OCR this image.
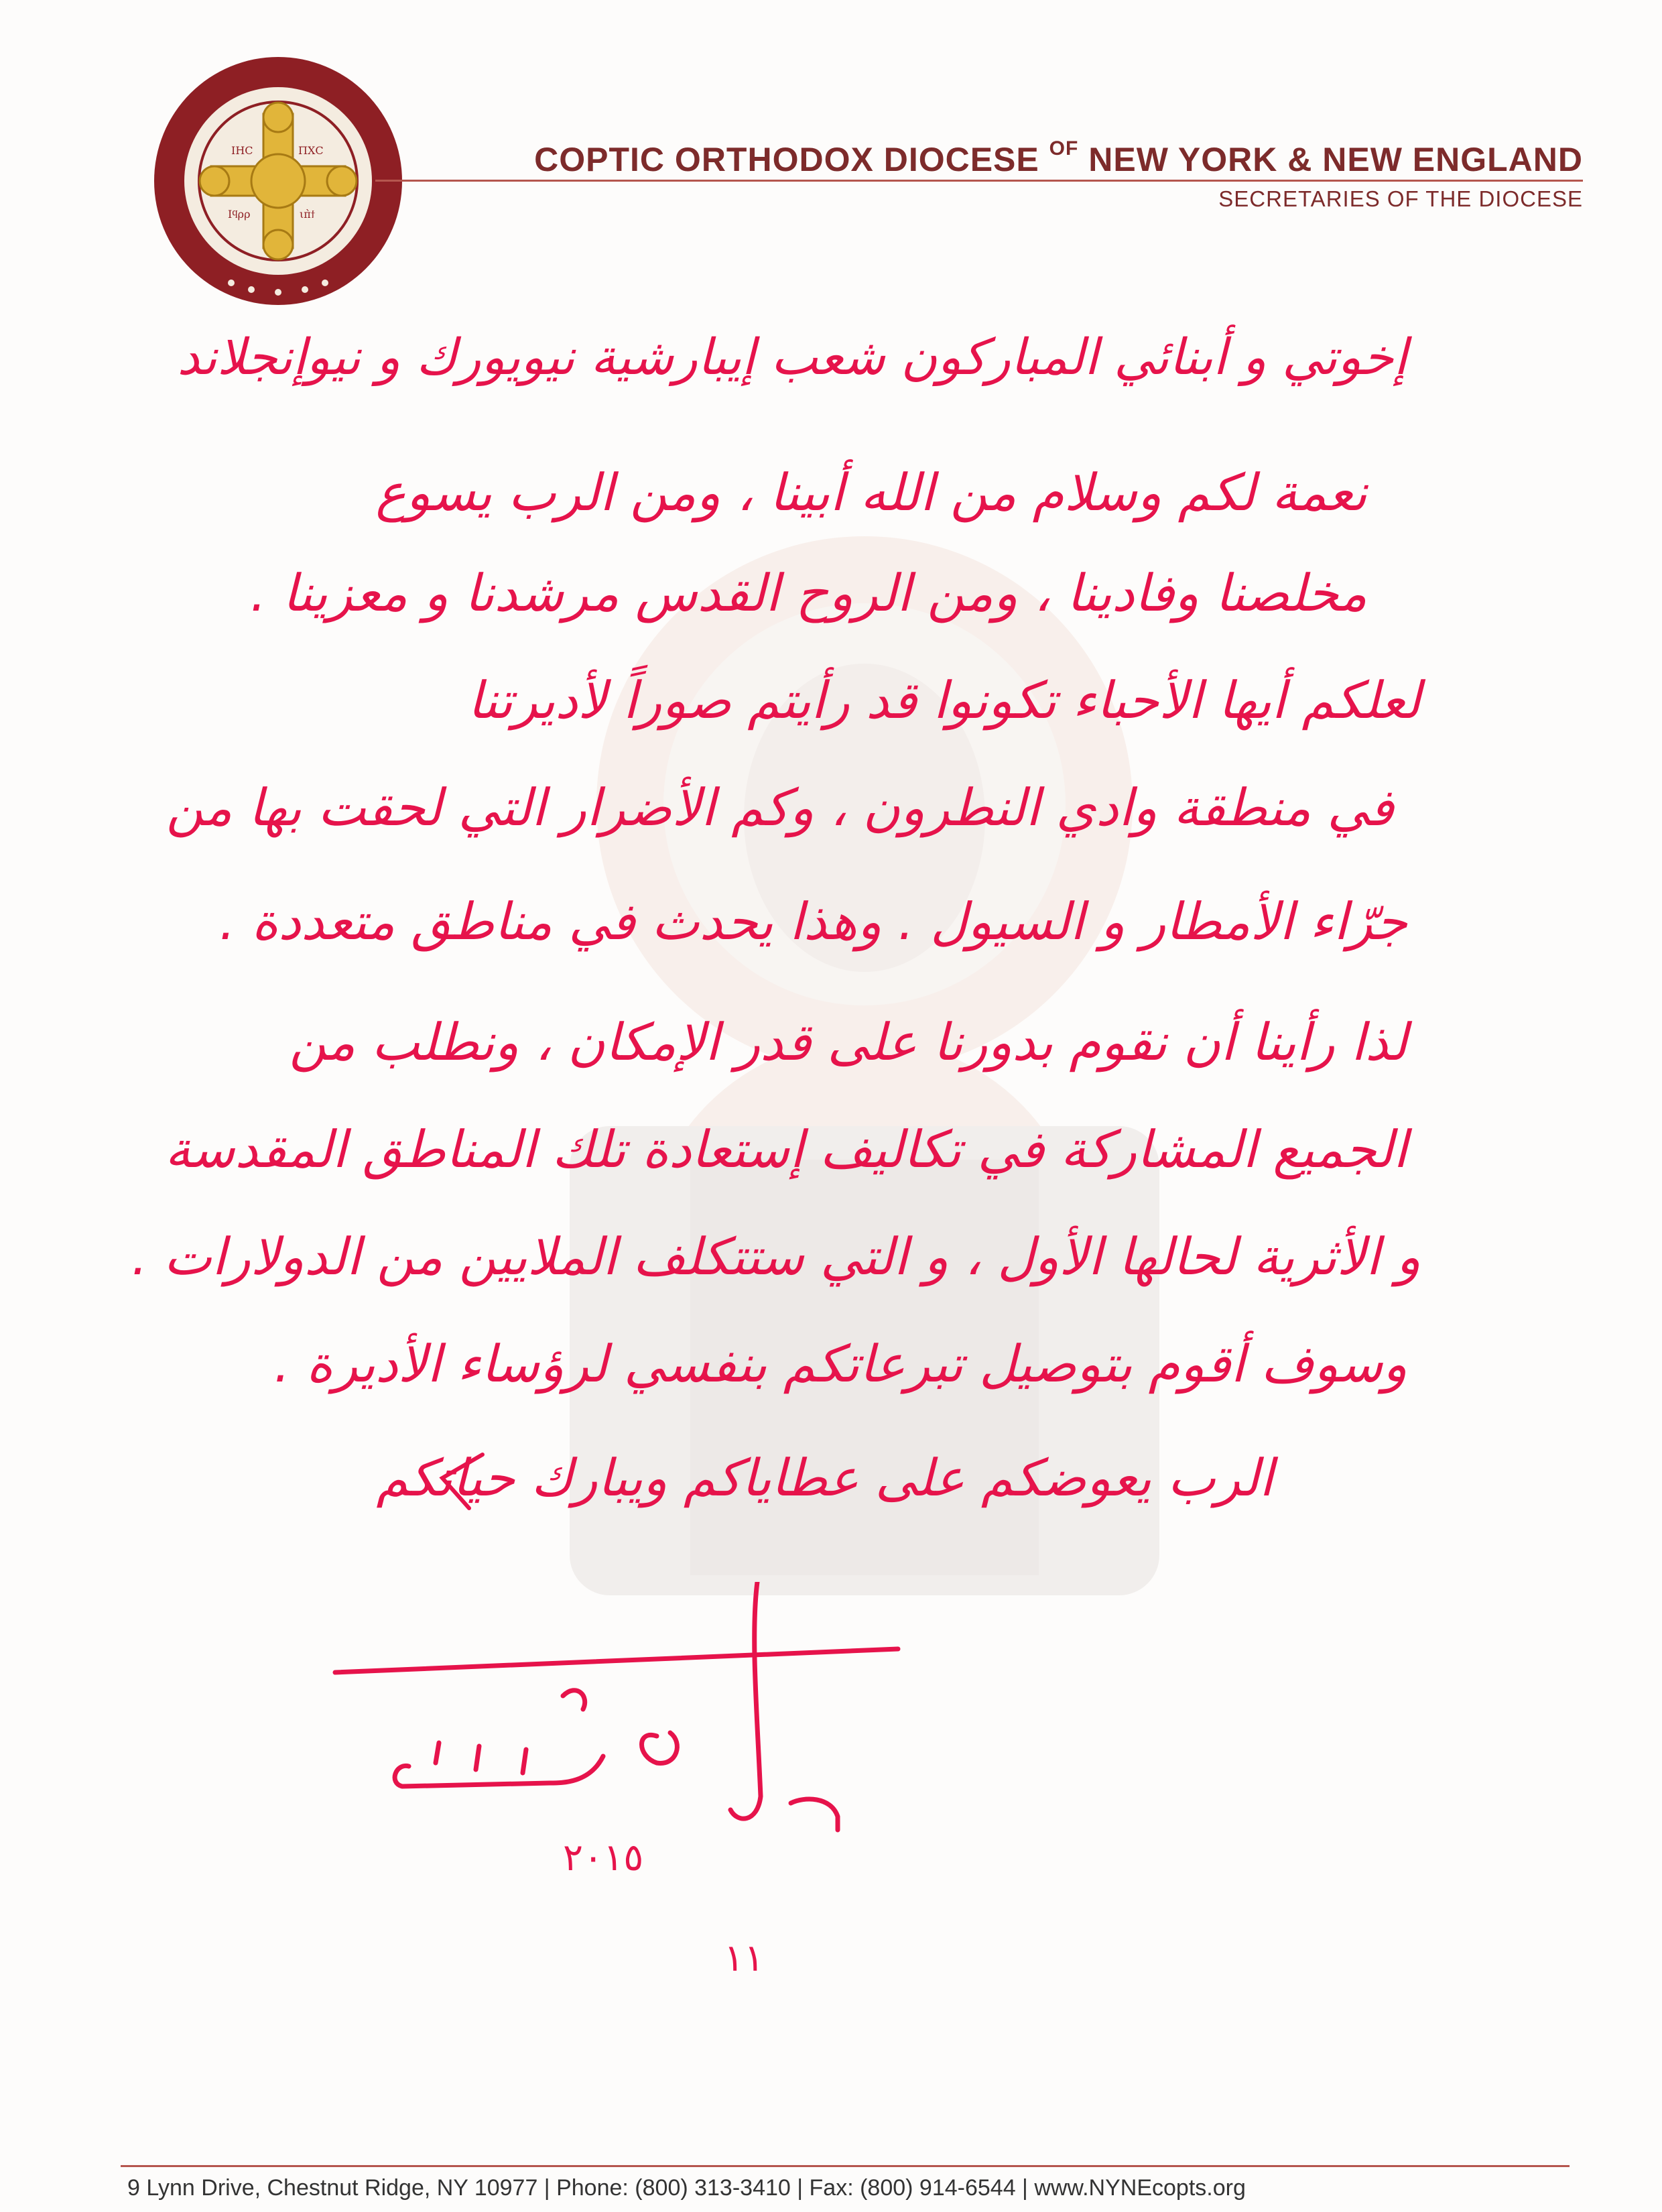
ІНС	ПХС
Ιϥρρ	ιπ̀ϯ
COPTIC ORTHODOX DIOCESE $^{OF}$ NEW YORK & NEW ENGLAND
SECRETARIES OF THE DIOCESE
إخوتي و أبنائي المباركون شعب إيبارشية نيويورك و نيوإنجلاند
نعمة لكم وسلام من الله أبينا ، ومن الرب يسوع
مخلصنا وفادينا ، ومن الروح القدس مرشدنا و معزينا .
لعلكم أيها الأحباء تكونوا قد رأيتم صوراً لأديرتنا
في منطقة وادي النطرون ، وكم الأضرار التي لحقت بها من
جرّاء الأمطار و السيول . وهذا يحدث في مناطق متعددة .
لذا رأينا أن نقوم بدورنا على قدر الإمكان ، ونطلب من
الجميع المشاركة في تكاليف إستعادة تلك المناطق المقدسة
و الأثرية لحالها الأول ، و التي ستتكلف الملايين من الدولارات .
وسوف أقوم بتوصيل تبرعاتكم بنفسي لرؤساء الأديرة .
الرب يعوضكم على عطاياكم ويبارك حياتكم
٢٠١٥
١١
9 Lynn Drive, Chestnut Ridge, NY 10977 | Phone: (800) 313-3410 | Fax: (800) 914-6544 | www.NYNEcopts.org
